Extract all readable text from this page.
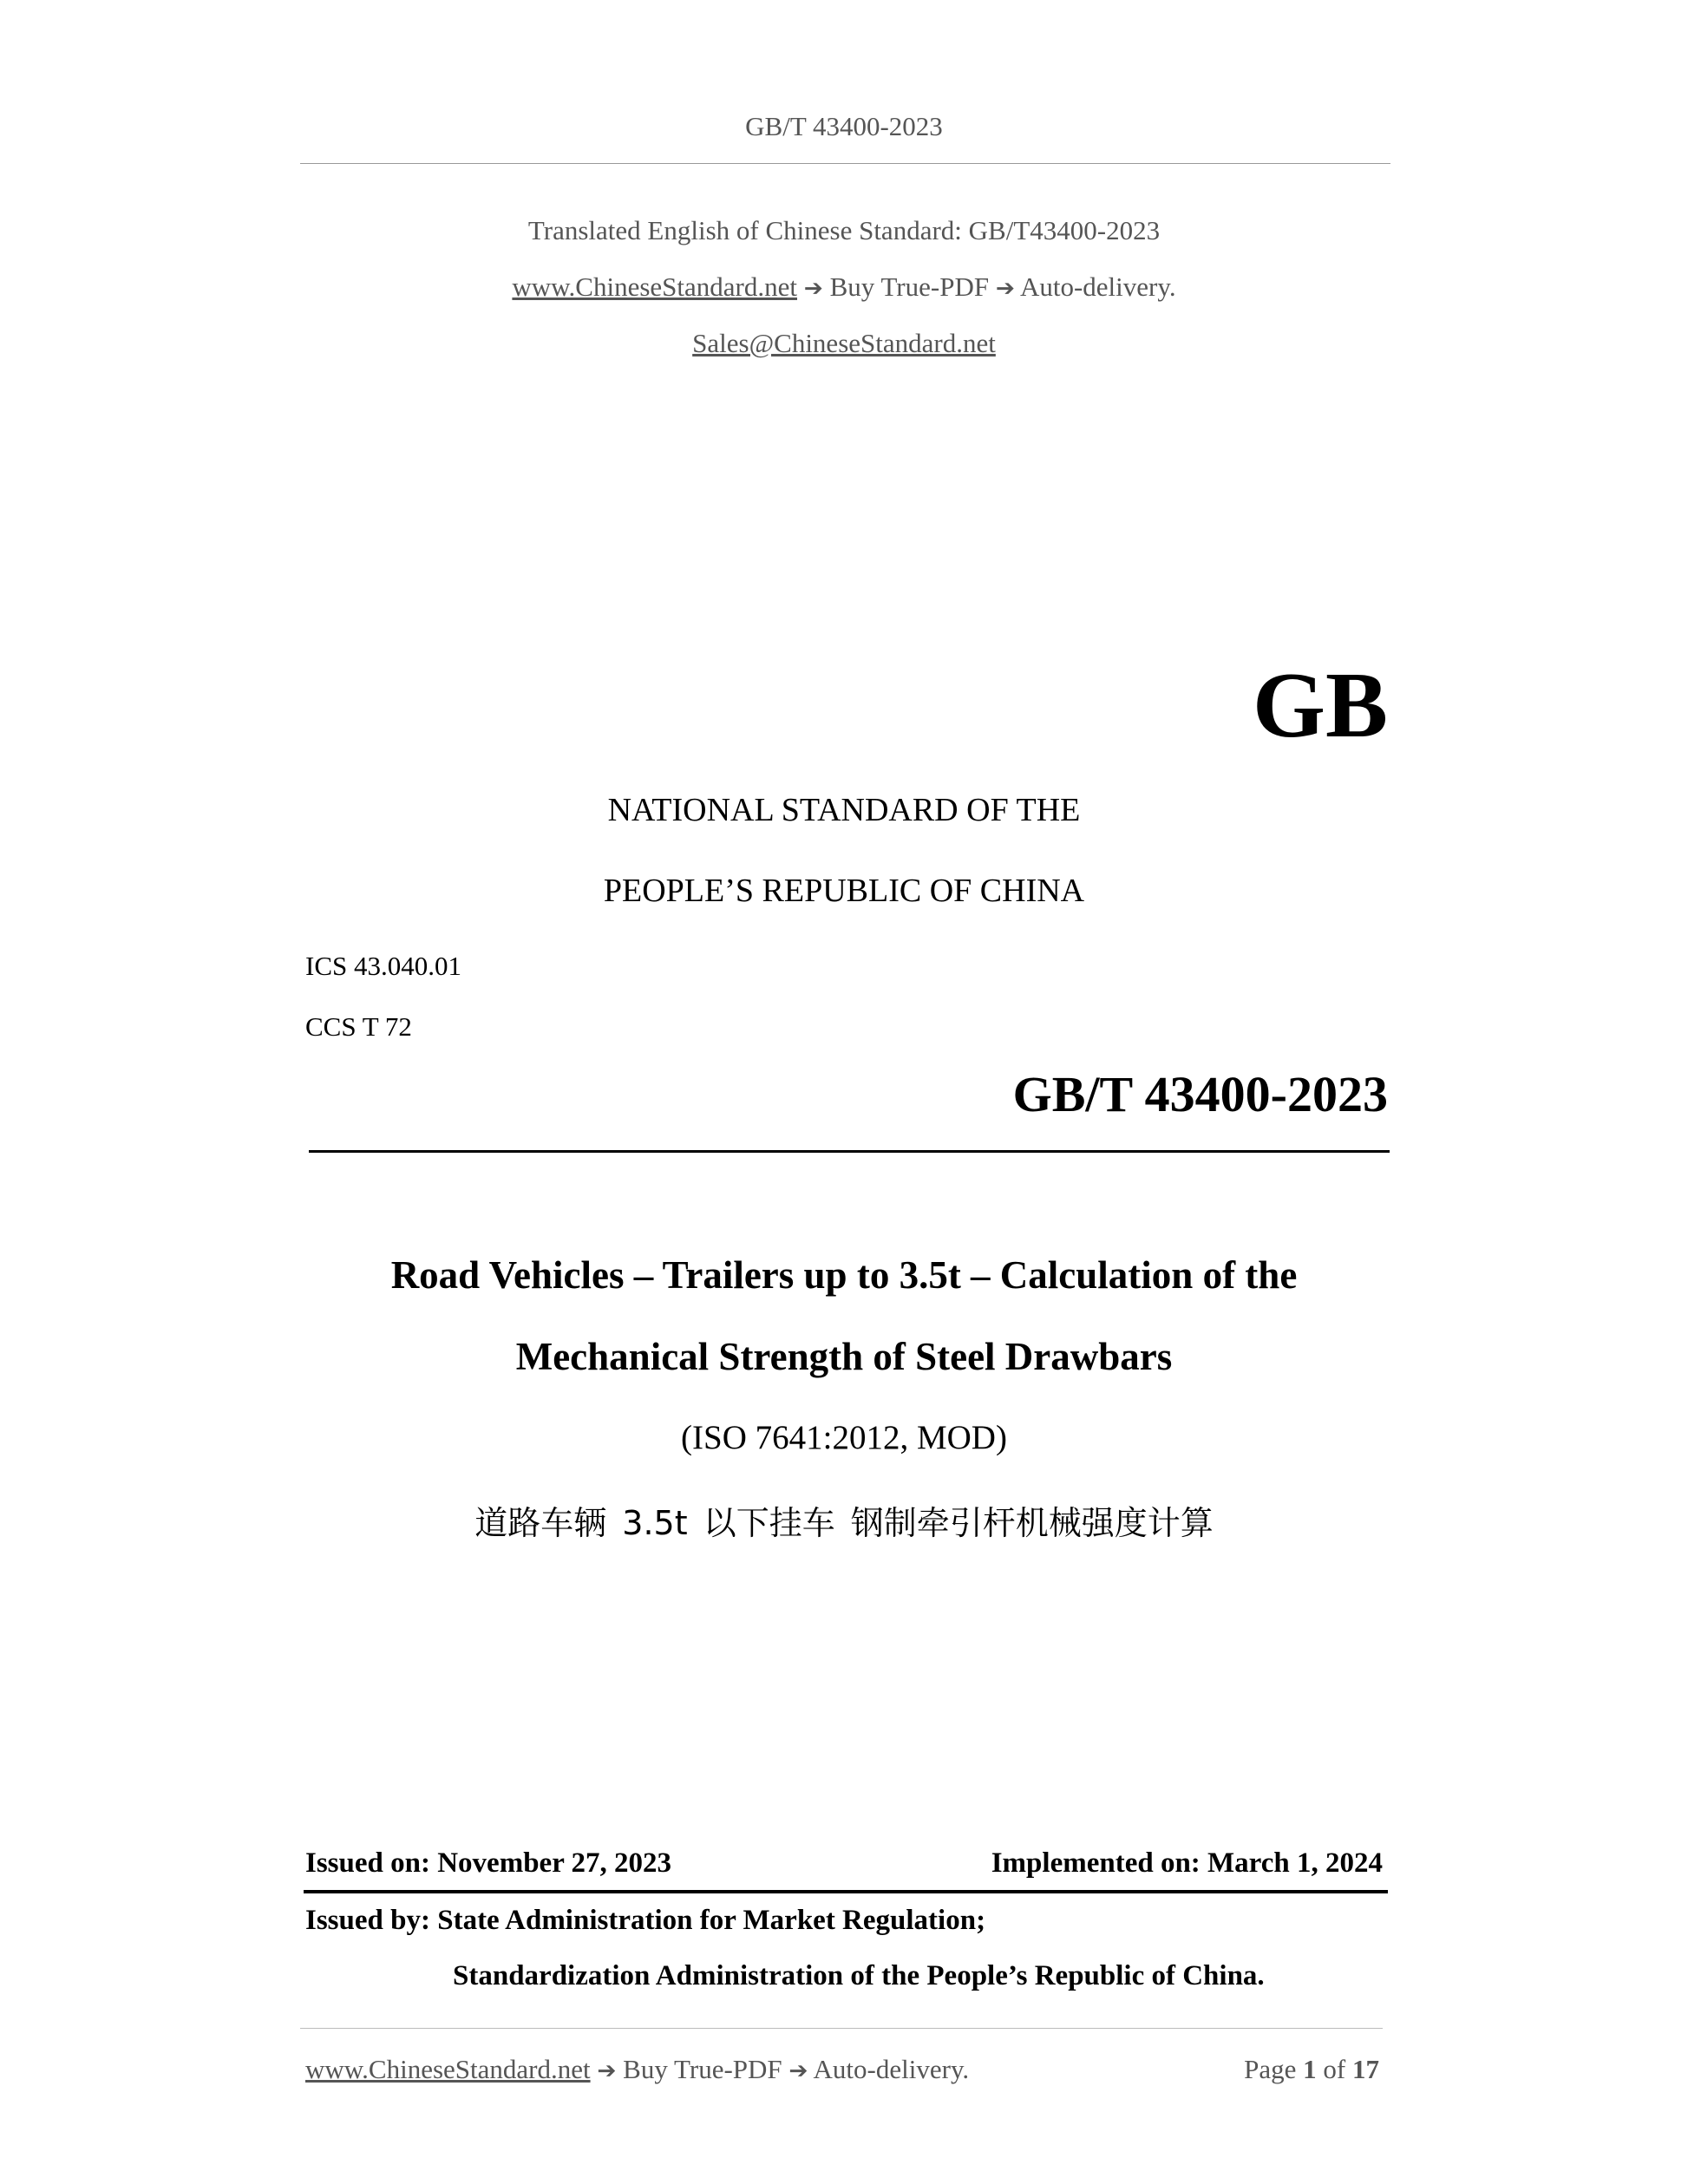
GB/T 43400-2023
Translated English of Chinese Standard: GB/T43400-2023
www.ChineseStandard.net ➔ Buy True-PDF ➔ Auto-delivery.
Sales@ChineseStandard.net
GB
NATIONAL STANDARD OF THE
PEOPLE’S REPUBLIC OF CHINA
ICS 43.040.01
CCS T 72
GB/T 43400-2023
Road Vehicles – Trailers up to 3.5t – Calculation of the
Mechanical Strength of Steel Drawbars
(ISO 7641:2012, MOD)
道路车辆 3.5t 以下挂车 钢制牵引杆机械强度计算
Issued on: November 27, 2023	Implemented on: March 1, 2024
Issued by: State Administration for Market Regulation;
Standardization Administration of the People’s Republic of China.
www.ChineseStandard.net ➔ Buy True-PDF ➔ Auto-delivery.	Page 1 of 17
